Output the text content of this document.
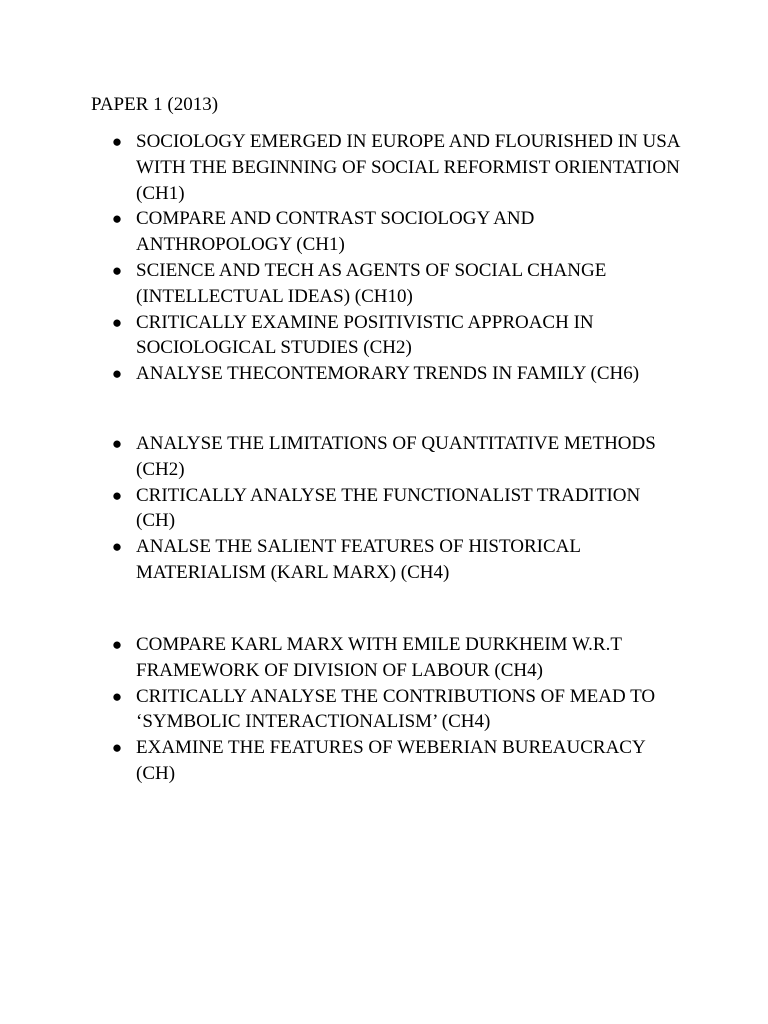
PAPER 1 (2013)

● SOCIOLOGY EMERGED IN EUROPE AND FLOURISHED IN USA WITH THE BEGINNING OF SOCIAL REFORMIST ORIENTATION (CH1)
● COMPARE AND CONTRAST SOCIOLOGY AND ANTHROPOLOGY (CH1)
● SCIENCE AND TECH AS AGENTS OF SOCIAL CHANGE (INTELLECTUAL IDEAS) (CH10)
● CRITICALLY EXAMINE POSITIVISTIC APPROACH IN SOCIOLOGICAL STUDIES (CH2)
● ANALYSE THECONTEMORARY TRENDS IN FAMILY (CH6)
● ANALYSE THE LIMITATIONS OF QUANTITATIVE METHODS (CH2)
● CRITICALLY ANALYSE THE FUNCTIONALIST TRADITION (CH)
● ANALSE THE SALIENT FEATURES OF HISTORICAL MATERIALISM (KARL MARX) (CH4)
● COMPARE KARL MARX WITH EMILE DURKHEIM W.R.T FRAMEWORK OF DIVISION OF LABOUR (CH4)
● CRITICALLY ANALYSE THE CONTRIBUTIONS OF MEAD TO ‘SYMBOLIC INTERACTIONALISM’ (CH4)
● EXAMINE THE FEATURES OF WEBERIAN BUREAUCRACY (CH)
